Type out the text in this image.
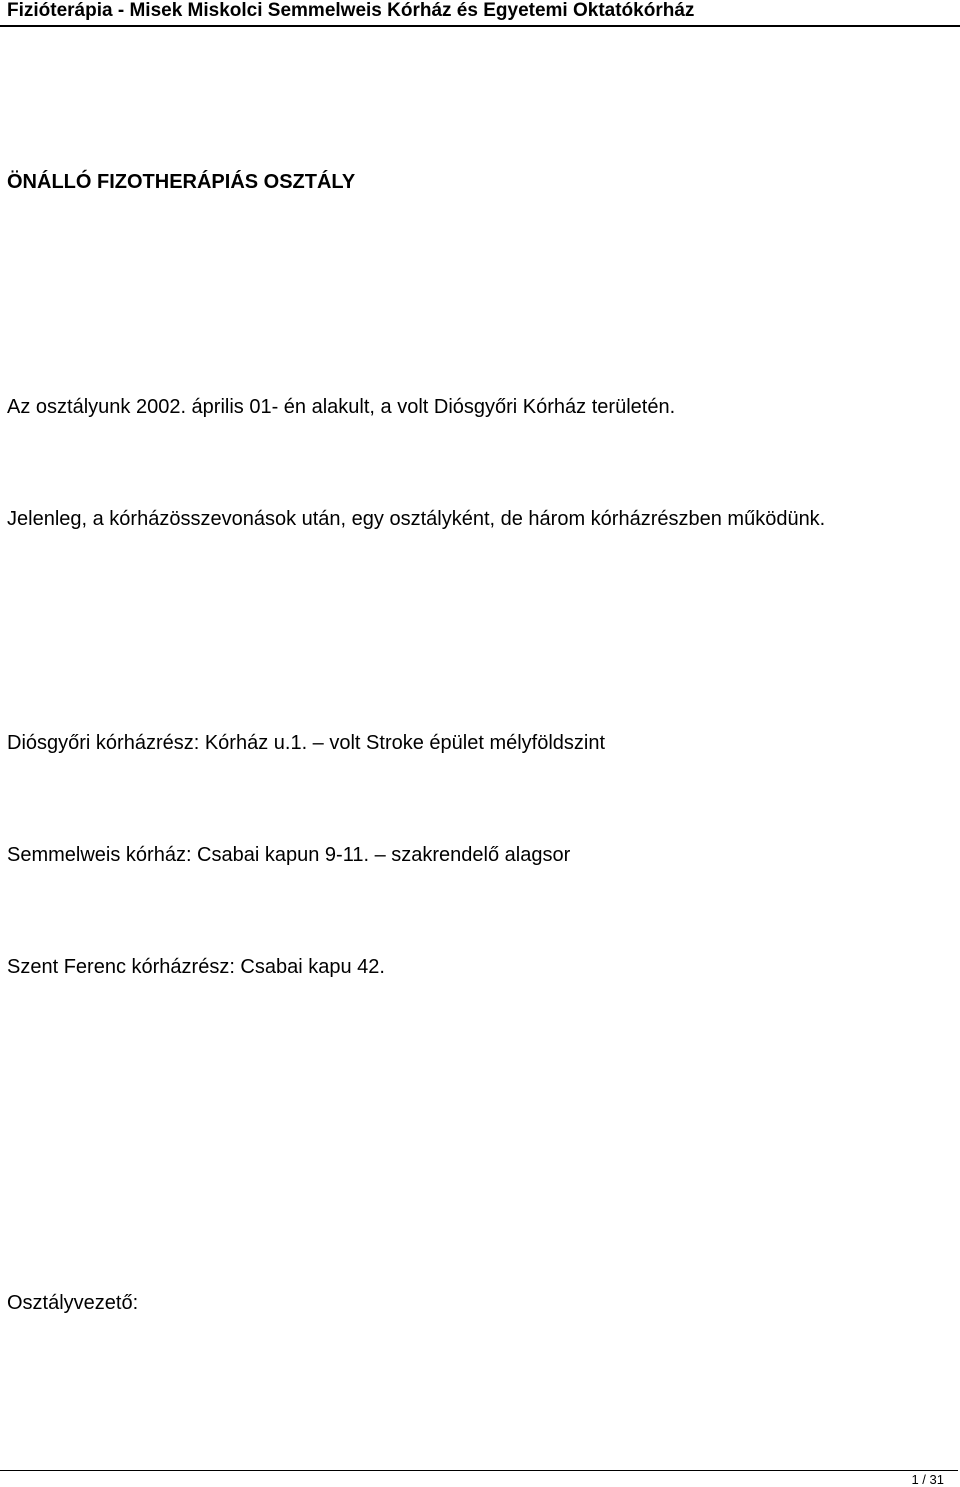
Fizióterápia - Misek Miskolci Semmelweis Kórház és Egyetemi Oktatókórház
ÖNÁLLÓ FIZOTHERÁPIÁS OSZTÁLY
Az osztályunk 2002. április 01- én alakult, a volt Diósgyőri Kórház területén.
Jelenleg, a kórházösszevonások után, egy osztályként, de három kórházrészben működünk.
Diósgyőri kórházrész: Kórház u.1. – volt Stroke épület mélyföldszint
Semmelweis kórház: Csabai kapun 9-11. – szakrendelő alagsor
Szent Ferenc kórházrész: Csabai kapu 42.
Osztályvezető:
1 / 31
